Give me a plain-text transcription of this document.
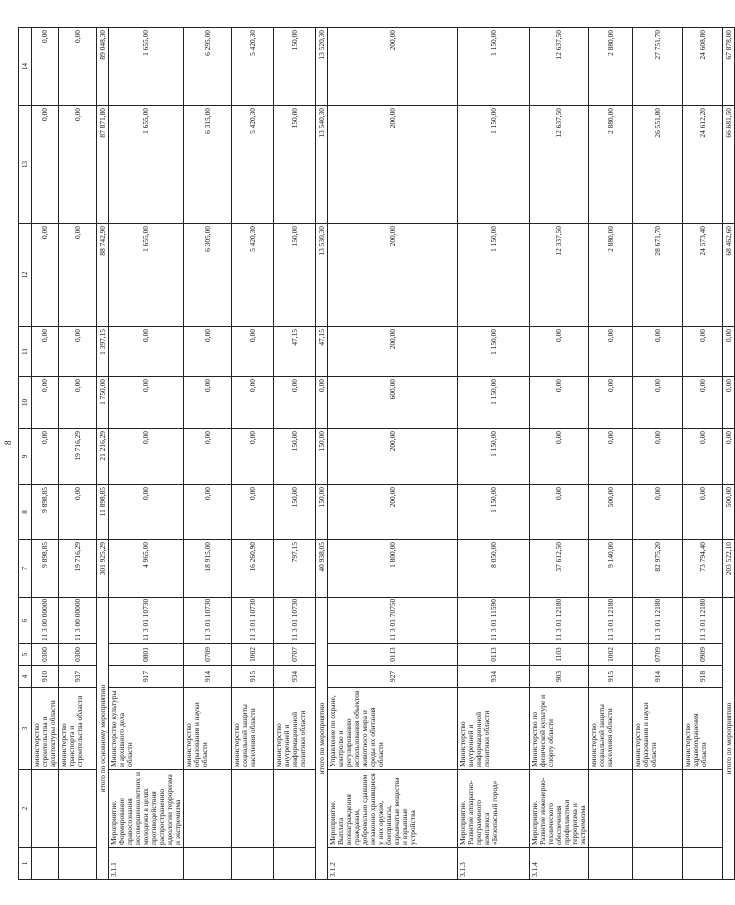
8
1	2	3	4	5	6	7	8	9	10	11	12	13	14
		министерство строительства и архитектуры области	910	0300	11 3 00 00000	9 898,85	9 898,85	0,00	0,00	0,00	0,00	0,00	0,00
		министерство транспорта и строительства области	937	0300	11 3 00 00000	19 716,29	0,00	19 716,29	0,00	0,00	0,00	0,00	0,00
итого по основному мероприятию						301 925,29	11 898,85	21 216,29	1 750,00	1 397,15	88 742,90	87 871,80	89 048,30
3.1.1	Мероприятие. Формирование правосознания несовершеннолетних и молодежи в целях противодействия распространению идеологии терроризма и экстремизма	Министерство культуры и архивного дела области	917	0801	11 3 01 10730	4 965,00	0,00	0,00	0,00	0,00	1 655,00	1 655,00	1 655,00
		министерство образования и науки области	914	0709	11 3 01 10730	18 915,00	0,00	0,00	0,00	0,00	6 305,00	6 315,00	6 295,00
		министерство социальной защиты населения области	915	1002	11 3 01 10730	16 260,90	0,00	0,00	0,00	0,00	5 420,30	5 420,30	5 420,30
		министерство внутренней и информационной политики области	934	0707	11 3 01 10730	797,15	150,00	150,00	0,00	47,15	150,00	150,00	150,00
итого по мероприятию						40 938,05	150,00	150,00	0,00	47,15	13 530,30	13 540,30	13 520,30
3.1.2	Мероприятие. Выплата вознаграждения гражданам, добровольно сдавшим незаконно хранящиеся у них оружие, боеприпасы, взрывчатые вещества и взрывные устройства	Управление по охране, контролю и регулированию использования объектов животного мира и среды их обитания области	927	0113	11 3 01 70750	1 800,00	200,00	200,00	600,00	200,00	200,00	200,00	200,00
3.1.3	Мероприятие. Развитие аппаратно-программного комплекса «Безопасный город»	Министерство внутренней и информационной политики области	934	0113	11 3 01 11590	8 050,00	1 150,00	1 150,00	1 150,00	1 150,00	1 150,00	1 150,00	1 150,00
3.1.4	Мероприятие. Развитие инженерно-технического обеспечения профилактики терроризма и экстремизма	Министерство по физической культуре и спорту области	903	1103	11 3 01 12180	37 612,50	0,00	0,00	0,00	0,00	12 337,50	12 637,50	12 637,50
		министерство социальной защиты населения области	915	1002	11 3 01 12180	9 140,00	500,00	0,00	0,00	0,00	2 880,00	2 880,00	2 880,00
		министерство образования и науки области	914	0709	11 3 01 12180	82 975,20	0,00	0,00	0,00	0,00	28 671,70	26 551,80	27 751,70
		министерство здравоохранения области	918	0909	11 3 01 12180	73 794,40	0,00	0,00	0,00	0,00	24 573,40	24 612,20	24 608,80
итого по мероприятию						203 522,10	500,00	0,00	0,00	0,00	68 462,60	66 681,50	67 878,00
